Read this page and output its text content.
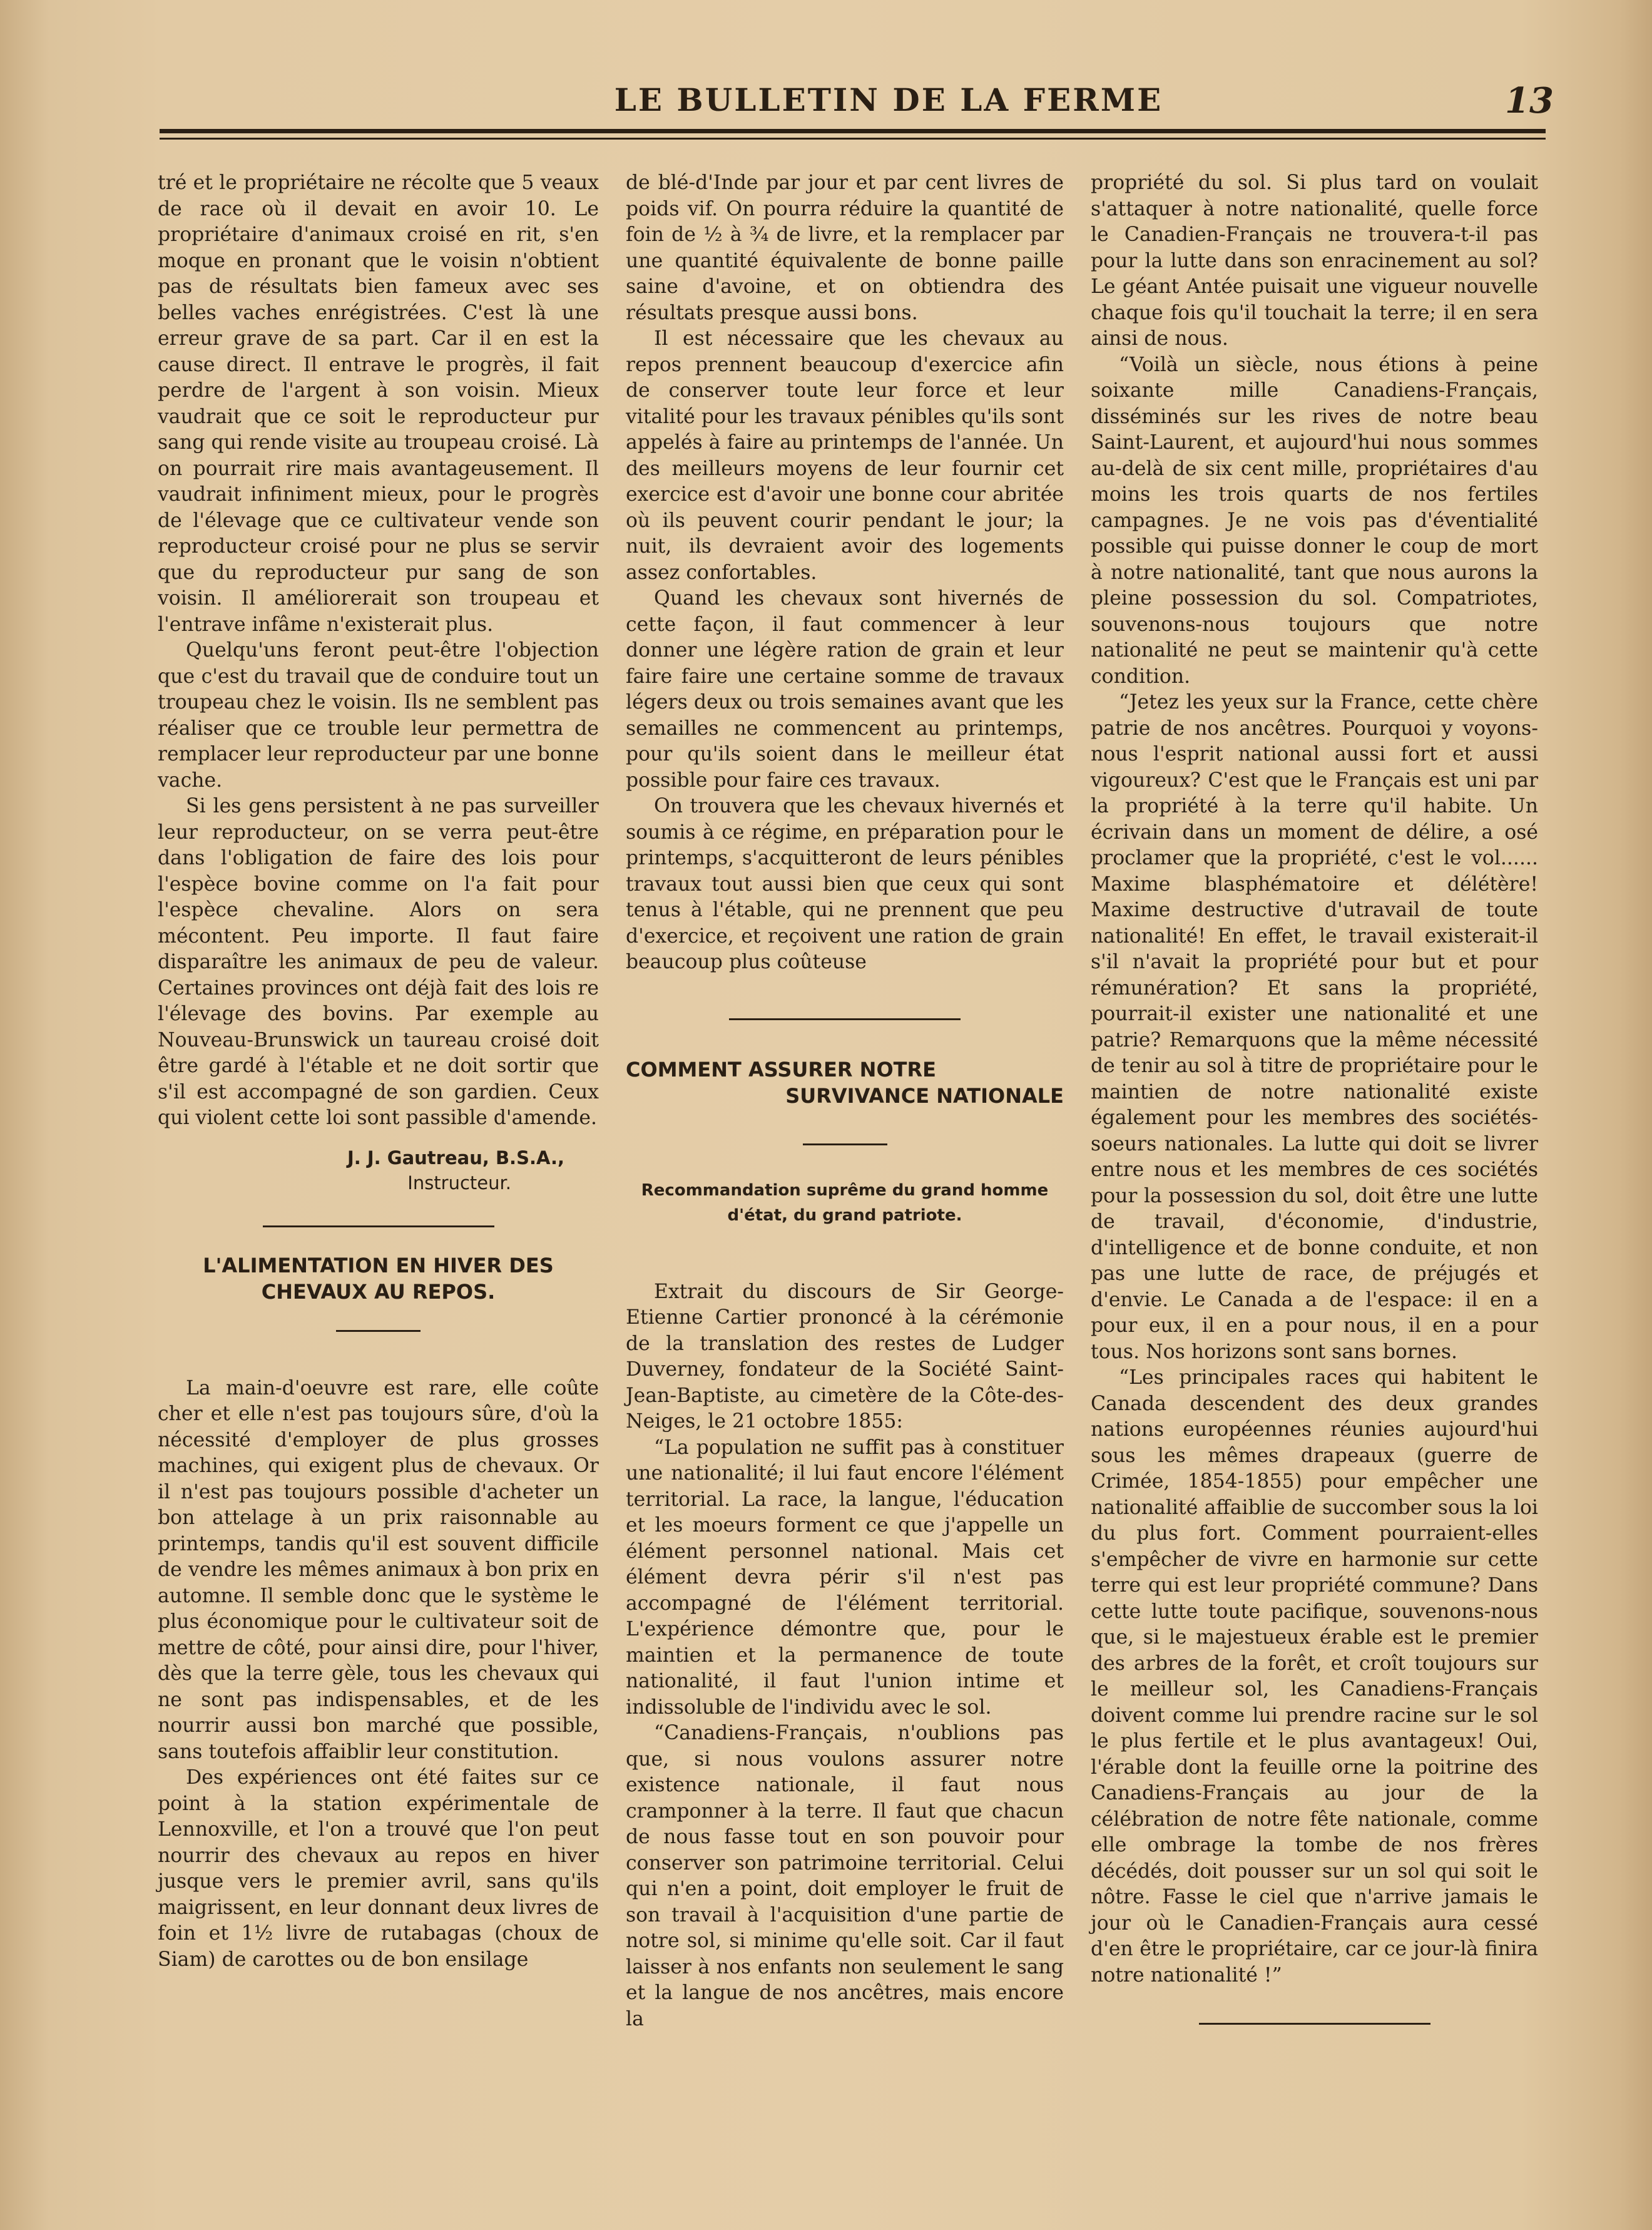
LE BULLETIN DE LA FERME	13

tré et le propriétaire ne récolte que 5 veaux de race où il devait en avoir 10. Le propriétaire d'animaux croisé en rit, s'en moque en pronant que le voisin n'obtient pas de résultats bien fameux avec ses belles vaches enrégistrées. C'est là une erreur grave de sa part. Car il en est la cause direct. Il entrave le progrès, il fait perdre de l'argent à son voisin. Mieux vaudrait que ce soit le reproducteur pur sang qui rende visite au troupeau croisé. Là on pourrait rire mais avantageusement. Il vaudrait infiniment mieux, pour le progrès de l'élevage que ce cultivateur vende son reproducteur croisé pour ne plus se servir que du reproducteur pur sang de son voisin. Il améliorerait son troupeau et l'entrave infâme n'existerait plus.

Quelqu'uns feront peut-être l'objection que c'est du travail que de conduire tout un troupeau chez le voisin. Ils ne semblent pas réaliser que ce trouble leur permettra de remplacer leur reproducteur par une bonne vache.

Si les gens persistent à ne pas surveiller leur reproducteur, on se verra peut-être dans l'obligation de faire des lois pour l'espèce bovine comme on l'a fait pour l'espèce chevaline. Alors on sera mécontent. Peu importe. Il faut faire disparaître les animaux de peu de valeur. Certaines provinces ont déjà fait des lois re l'élevage des bovins. Par exemple au Nouveau-Brunswick un taureau croisé doit être gardé à l'étable et ne doit sortir que s'il est accompagné de son gardien. Ceux qui violent cette loi sont passible d'amende.

J. J. Gautreau, B.S.A.,
Instructeur.
L'ALIMENTATION EN HIVER DES CHEVAUX AU REPOS.

La main-d'oeuvre est rare, elle coûte cher et elle n'est pas toujours sûre, d'où la nécessité d'employer de plus grosses machines, qui exigent plus de chevaux. Or il n'est pas toujours possible d'acheter un bon attelage à un prix raisonnable au printemps, tandis qu'il est souvent difficile de vendre les mêmes animaux à bon prix en automne. Il semble donc que le système le plus économique pour le cultivateur soit de mettre de côté, pour ainsi dire, pour l'hiver, dès que la terre gèle, tous les chevaux qui ne sont pas indispensables, et de les nourrir aussi bon marché que possible, sans toutefois affaiblir leur constitution.

Des expériences ont été faites sur ce point à la station expérimentale de Lennoxville, et l'on a trouvé que l'on peut nourrir des chevaux au repos en hiver jusque vers le premier avril, sans qu'ils maigrissent, en leur donnant deux livres de foin et 1½ livre de rutabagas (choux de Siam) de carottes ou de bon ensilage

de blé-d'Inde par jour et par cent livres de poids vif. On pourra réduire la quantité de foin de ½ à ¾ de livre, et la remplacer par une quantité équivalente de bonne paille saine d'avoine, et on obtiendra des résultats presque aussi bons.

Il est nécessaire que les chevaux au repos prennent beaucoup d'exercice afin de conserver toute leur force et leur vitalité pour les travaux pénibles qu'ils sont appelés à faire au printemps de l'année. Un des meilleurs moyens de leur fournir cet exercice est d'avoir une bonne cour abritée où ils peuvent courir pendant le jour; la nuit, ils devraient avoir des logements assez confortables.

Quand les chevaux sont hivernés de cette façon, il faut commencer à leur donner une légère ration de grain et leur faire faire une certaine somme de travaux légers deux ou trois semaines avant que les semailles ne commencent au printemps, pour qu'ils soient dans le meilleur état possible pour faire ces travaux.

On trouvera que les chevaux hivernés et soumis à ce régime, en préparation pour le printemps, s'acquitteront de leurs pénibles travaux tout aussi bien que ceux qui sont tenus à l'étable, qui ne prennent que peu d'exercice, et reçoivent une ration de grain beaucoup plus coûteuse

COMMENT ASSURER NOTRE
SURVIVANCE NATIONALE
Recommandation suprême du grand homme d'état, du grand patriote.

Extrait du discours de Sir George-Etienne Cartier prononcé à la cérémonie de la translation des restes de Ludger Duverney, fondateur de la Société Saint-Jean-Baptiste, au cimetère de la Côte-des-Neiges, le 21 octobre 1855:

“La population ne suffit pas à constituer une nationalité; il lui faut encore l'élément territorial. La race, la langue, l'éducation et les moeurs forment ce que j'appelle un élément personnel national. Mais cet élément devra périr s'il n'est pas accompagné de l'élément territorial. L'expérience démontre que, pour le maintien et la permanence de toute nationalité, il faut l'union intime et indissoluble de l'individu avec le sol.

“Canadiens-Français, n'oublions pas que, si nous voulons assurer notre existence nationale, il faut nous cramponner à la terre. Il faut que chacun de nous fasse tout en son pouvoir pour conserver son patrimoine territorial. Celui qui n'en a point, doit employer le fruit de son travail à l'acquisition d'une partie de notre sol, si minime qu'elle soit. Car il faut laisser à nos enfants non seulement le sang et la langue de nos ancêtres, mais encore la

propriété du sol. Si plus tard on voulait s'attaquer à notre nationalité, quelle force le Canadien-Français ne trouvera-t-il pas pour la lutte dans son enracinement au sol? Le géant Antée puisait une vigueur nouvelle chaque fois qu'il touchait la terre; il en sera ainsi de nous.

“Voilà un siècle, nous étions à peine soixante mille Canadiens-Français, disséminés sur les rives de notre beau Saint-Laurent, et aujourd'hui nous sommes au-delà de six cent mille, propriétaires d'au moins les trois quarts de nos fertiles campagnes. Je ne vois pas d'éventialité possible qui puisse donner le coup de mort à notre nationalité, tant que nous aurons la pleine possession du sol. Compatriotes, souvenons-nous toujours que notre nationalité ne peut se maintenir qu'à cette condition.

“Jetez les yeux sur la France, cette chère patrie de nos ancêtres. Pourquoi y voyons-nous l'esprit national aussi fort et aussi vigoureux? C'est que le Français est uni par la propriété à la terre qu'il habite. Un écrivain dans un moment de délire, a osé proclamer que la propriété, c'est le vol...... Maxime blasphématoire et délétère! Maxime destructive d'utravail de toute nationalité! En effet, le travail existerait-il s'il n'avait la propriété pour but et pour rémunération? Et sans la propriété, pourrait-il exister une nationalité et une patrie? Remarquons que la même nécessité de tenir au sol à titre de propriétaire pour le maintien de notre nationalité existe également pour les membres des sociétés-soeurs nationales. La lutte qui doit se livrer entre nous et les membres de ces sociétés pour la possession du sol, doit être une lutte de travail, d'économie, d'industrie, d'intelligence et de bonne conduite, et non pas une lutte de race, de préjugés et d'envie. Le Canada a de l'espace: il en a pour eux, il en a pour nous, il en a pour tous. Nos horizons sont sans bornes.

“Les principales races qui habitent le Canada descendent des deux grandes nations européennes réunies aujourd'hui sous les mêmes drapeaux (guerre de Crimée, 1854-1855) pour empêcher une nationalité affaiblie de succomber sous la loi du plus fort. Comment pourraient-elles s'empêcher de vivre en harmonie sur cette terre qui est leur propriété commune? Dans cette lutte toute pacifique, souvenons-nous que, si le majestueux érable est le premier des arbres de la forêt, et croît toujours sur le meilleur sol, les Canadiens-Français doivent comme lui prendre racine sur le sol le plus fertile et le plus avantageux! Oui, l'érable dont la feuille orne la poitrine des Canadiens-Français au jour de la célébration de notre fête nationale, comme elle ombrage la tombe de nos frères décédés, doit pousser sur un sol qui soit le nôtre. Fasse le ciel que n'arrive jamais le jour où le Canadien-Français aura cessé d'en être le propriétaire, car ce jour-là finira notre nationalité !”
